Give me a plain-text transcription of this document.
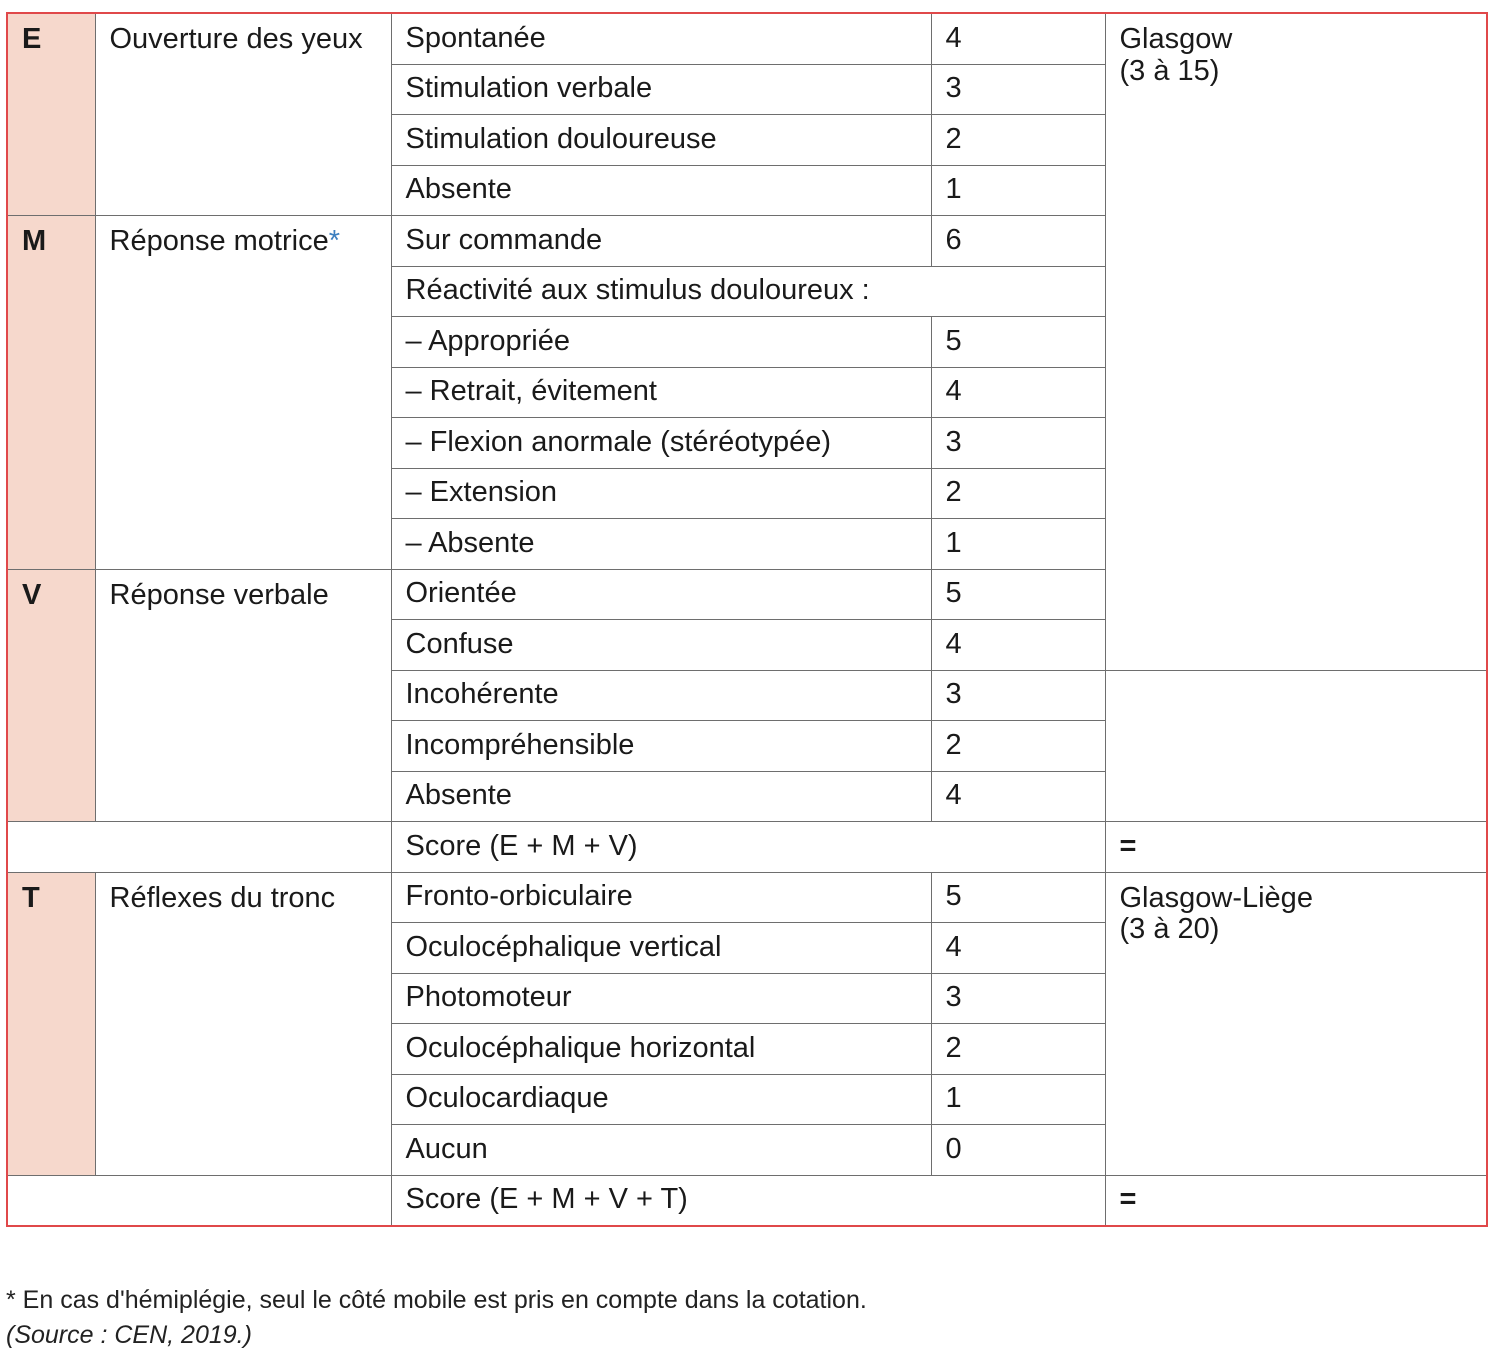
E	Ouverture des yeux	Spontanée	4	Glasgow
(3 à 15)

		Stimulation verbale	3	
		Stimulation douloureuse	2	
		Absente	1	
M	Réponse motrice*	Sur commande	6	
		Réactivité aux stimulus douloureux :		
		– Appropriée	5	
		– Retrait, évitement	4	
		– Flexion anormale (stéréotypée)	3	
		– Extension	2	
		– Absente	1	
V	Réponse verbale	Orientée	5	
		Confuse	4	
		Incohérente	3	
		Incompréhensible	2	
		Absente	4	
		Score (E + M + V)		=
T	Réflexes du tronc	Fronto-orbiculaire	5	Glasgow-Liège
(3 à 20)

		Oculocéphalique vertical	4	
		Photomoteur	3	
		Oculocéphalique horizontal	2	
		Oculocardiaque	1	
		Aucun	0	
		Score (E + M + V + T)		=
* En cas d'hémiplégie, seul le côté mobile est pris en compte dans la cotation.
(Source : CEN, 2019.)
